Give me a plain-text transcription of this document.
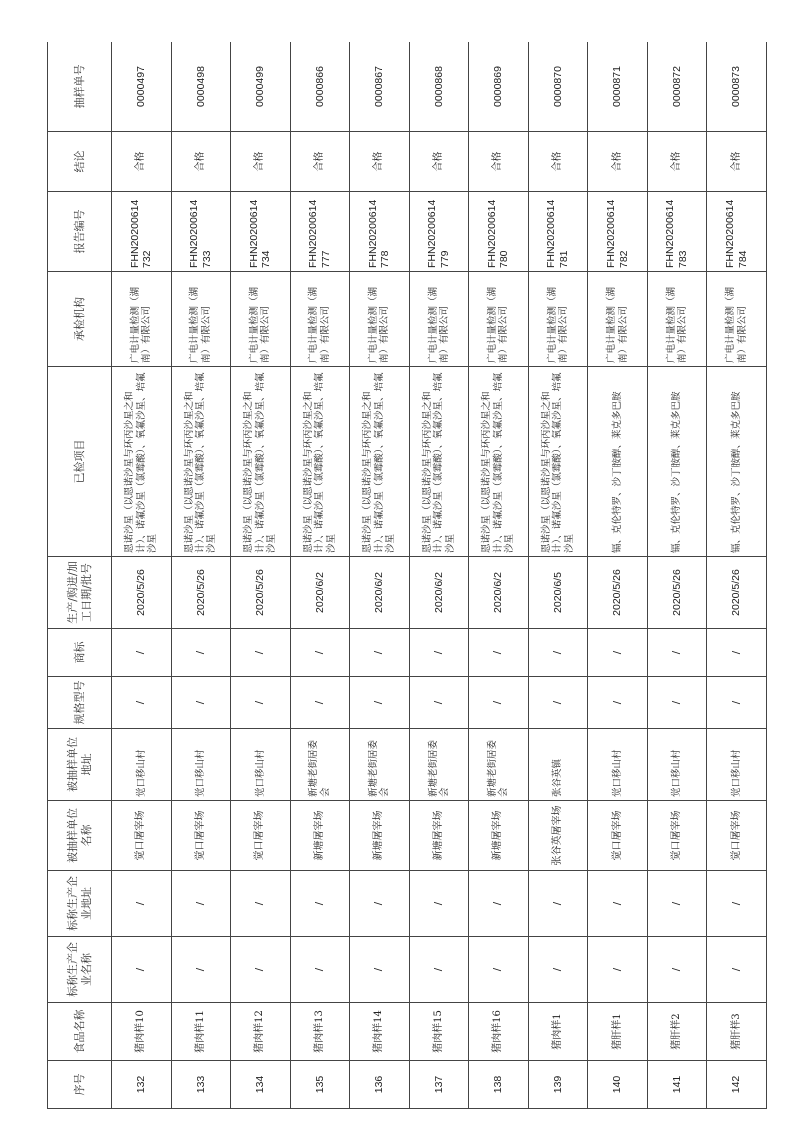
序号	食品名称	标称生产企业名称	标称生产企业地址	被抽样单位名称	被抽样单位地址	规格型号	商标	生产/购进/加工日期/批号	已检项目	承检机构	报告编号	结论	抽样单号
132	猪肉样10	/	/	觉口屠宰场	觉口移山村	/	/	2020/5/26	恩诺沙星（以恩诺沙星与环丙沙星之和计）、诺氟沙星（氯霉酸）、氧氟沙星、培氟沙星	广电计量检测（湖南）有限公司	FHN20200614732	合格	0000497
133	猪肉样11	/	/	觉口屠宰场	觉口移山村	/	/	2020/5/26	恩诺沙星（以恩诺沙星与环丙沙星之和计）、诺氟沙星（氯霉酸）、氧氟沙星、培氟沙星	广电计量检测（湖南）有限公司	FHN20200614733	合格	0000498
134	猪肉样12	/	/	觉口屠宰场	觉口移山村	/	/	2020/5/26	恩诺沙星（以恩诺沙星与环丙沙星之和计）、诺氟沙星（氯霉酸）、氧氟沙星、培氟沙星	广电计量检测（湖南）有限公司	FHN20200614734	合格	0000499
135	猪肉样13	/	/	新塘屠宰场	新塘老街居委会	/	/	2020/6/2	恩诺沙星（以恩诺沙星与环丙沙星之和计）、诺氟沙星（氯霉酸）、氧氟沙星、培氟沙星	广电计量检测（湖南）有限公司	FHN20200614777	合格	0000866
136	猪肉样14	/	/	新塘屠宰场	新塘老街居委会	/	/	2020/6/2	恩诺沙星（以恩诺沙星与环丙沙星之和计）、诺氟沙星（氯霉酸）、氧氟沙星、培氟沙星	广电计量检测（湖南）有限公司	FHN20200614778	合格	0000867
137	猪肉样15	/	/	新塘屠宰场	新塘老街居委会	/	/	2020/6/2	恩诺沙星（以恩诺沙星与环丙沙星之和计）、诺氟沙星（氯霉酸）、氧氟沙星、培氟沙星	广电计量检测（湖南）有限公司	FHN20200614779	合格	0000868
138	猪肉样16	/	/	新塘屠宰场	新塘老街居委会	/	/	2020/6/2	恩诺沙星（以恩诺沙星与环丙沙星之和计）、诺氟沙星（氯霉酸）、氧氟沙星、培氟沙星	广电计量检测（湖南）有限公司	FHN20200614780	合格	0000869
139	猪肉样1	/	/	张谷英屠宰场	张谷英镇	/	/	2020/6/5	恩诺沙星（以恩诺沙星与环丙沙星之和计）、诺氟沙星（氯霉酸）、氧氟沙星、培氟沙星	广电计量检测（湖南）有限公司	FHN20200614781	合格	0000870
140	猪肝样1	/	/	觉口屠宰场	觉口移山村	/	/	2020/5/26	镉、克伦特罗、沙丁胺醇、莱克多巴胺	广电计量检测（湖南）有限公司	FHN20200614782	合格	0000871
141	猪肝样2	/	/	觉口屠宰场	觉口移山村	/	/	2020/5/26	镉、克伦特罗、沙丁胺醇、莱克多巴胺	广电计量检测（湖南）有限公司	FHN20200614783	合格	0000872
142	猪肝样3	/	/	觉口屠宰场	觉口移山村	/	/	2020/5/26	镉、克伦特罗、沙丁胺醇、莱克多巴胺	广电计量检测（湖南）有限公司	FHN20200614784	合格	0000873
